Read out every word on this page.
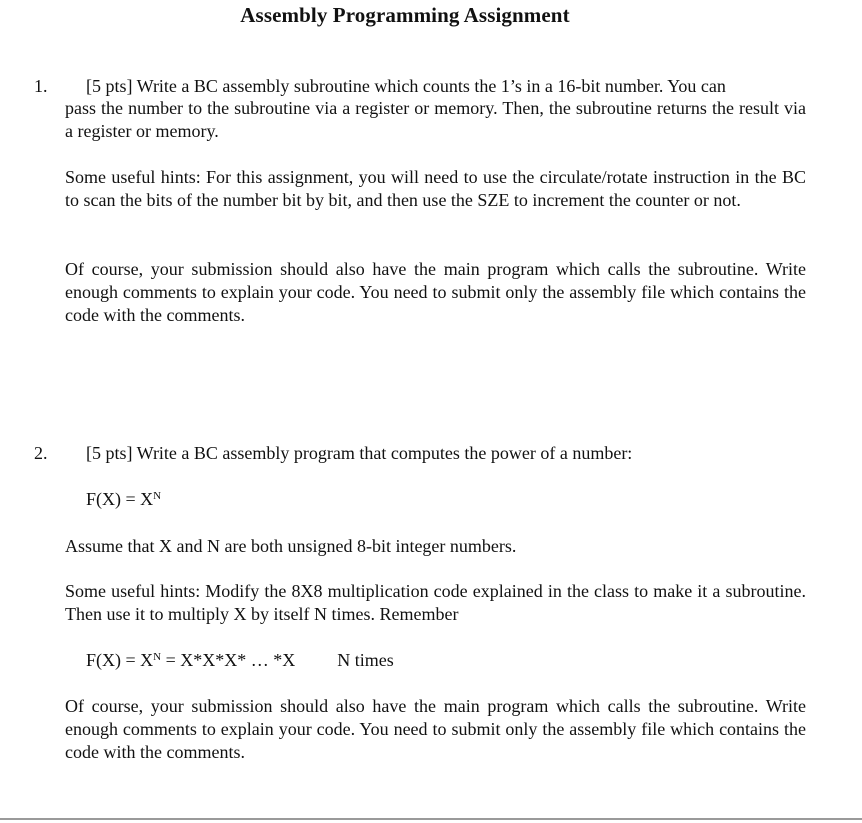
Assembly Programming Assignment
1. [5 pts] Write a BC assembly subroutine which counts the 1’s in a 16-bit number. You can
pass the number to the subroutine via a register or memory. Then, the subroutine returns the result via a register or memory.
Some useful hints: For this assignment, you will need to use the circulate/rotate instruction in the BC to scan the bits of the number bit by bit, and then use the SZE to increment the counter or not.
Of course, your submission should also have the main program which calls the subroutine. Write enough comments to explain your code. You need to submit only the assembly file which contains the code with the comments.
2. [5 pts] Write a BC assembly program that computes the power of a number:
$F(X) = X^N$
Assume that X and N are both unsigned 8-bit integer numbers.
Some useful hints: Modify the 8X8 multiplication code explained in the class to make it a subroutine. Then use it to multiply X by itself N times. Remember
$F(X) = X^N = X*X*X*$ … *X N times
Of course, your submission should also have the main program which calls the subroutine. Write enough comments to explain your code. You need to submit only the assembly file which contains the code with the comments.
